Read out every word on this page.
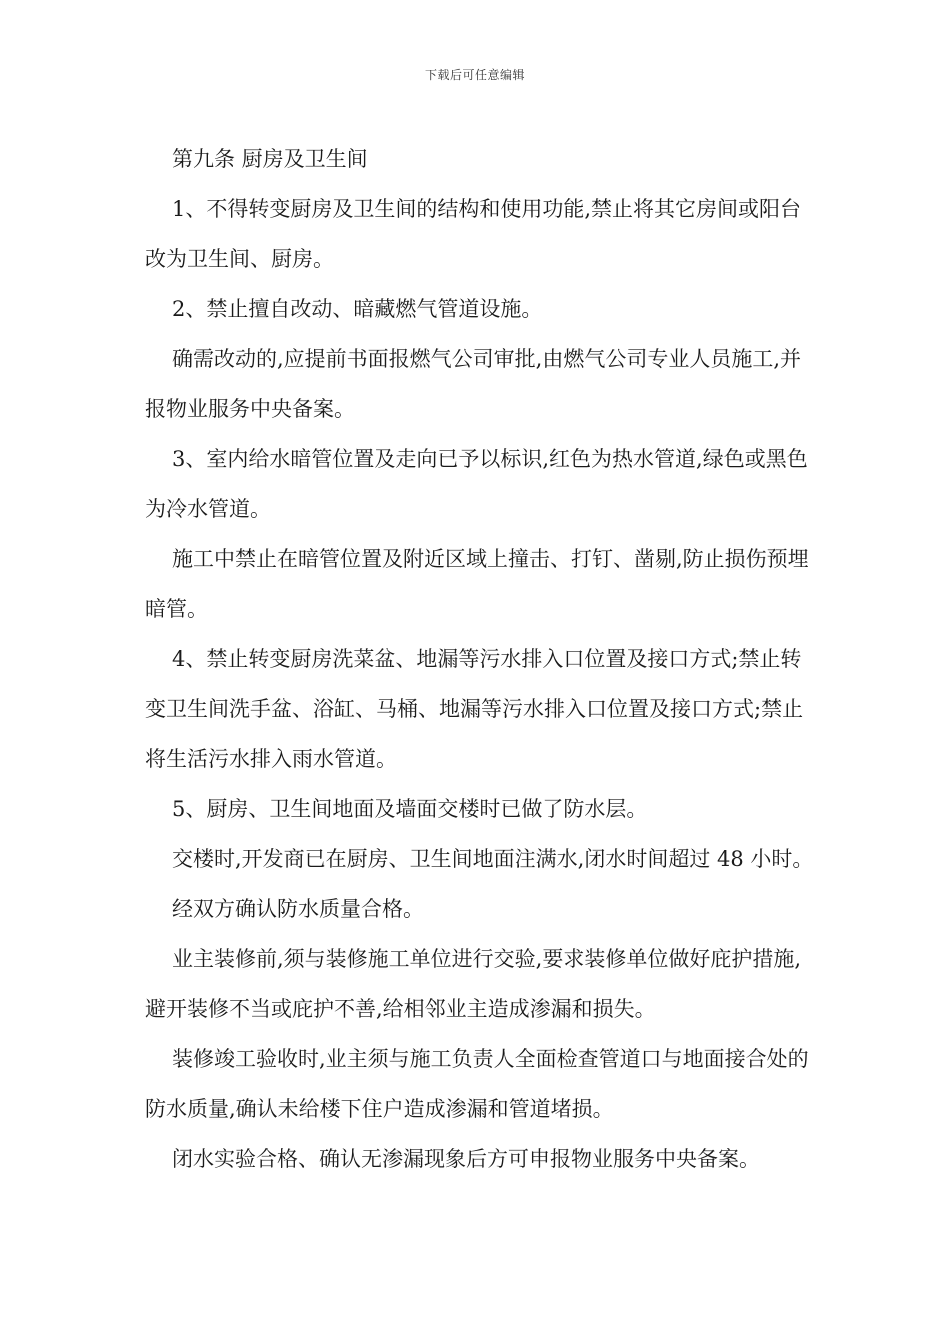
下载后可任意编辑

第九条 厨房及卫生间

1、不得转变厨房及卫生间的结构和使用功能,禁止将其它房间或阳台改为卫生间、厨房。

2、禁止擅自改动、暗藏燃气管道设施。

确需改动的,应提前书面报燃气公司审批,由燃气公司专业人员施工,并报物业服务中央备案。

3、室内给水暗管位置及走向已予以标识,红色为热水管道,绿色或黑色为冷水管道。

施工中禁止在暗管位置及附近区域上撞击、打钉、凿剔,防止损伤预埋暗管。

4、禁止转变厨房洗菜盆、地漏等污水排入口位置及接口方式;禁止转变卫生间洗手盆、浴缸、马桶、地漏等污水排入口位置及接口方式;禁止将生活污水排入雨水管道。

5、厨房、卫生间地面及墙面交楼时已做了防水层。

交楼时,开发商已在厨房、卫生间地面注满水,闭水时间超过 48 小时。

经双方确认防水质量合格。

业主装修前,须与装修施工单位进行交验,要求装修单位做好庇护措施,避开装修不当或庇护不善,给相邻业主造成渗漏和损失。

装修竣工验收时,业主须与施工负责人全面检查管道口与地面接合处的防水质量,确认未给楼下住户造成渗漏和管道堵损。

闭水实验合格、确认无渗漏现象后方可申报物业服务中央备案。
